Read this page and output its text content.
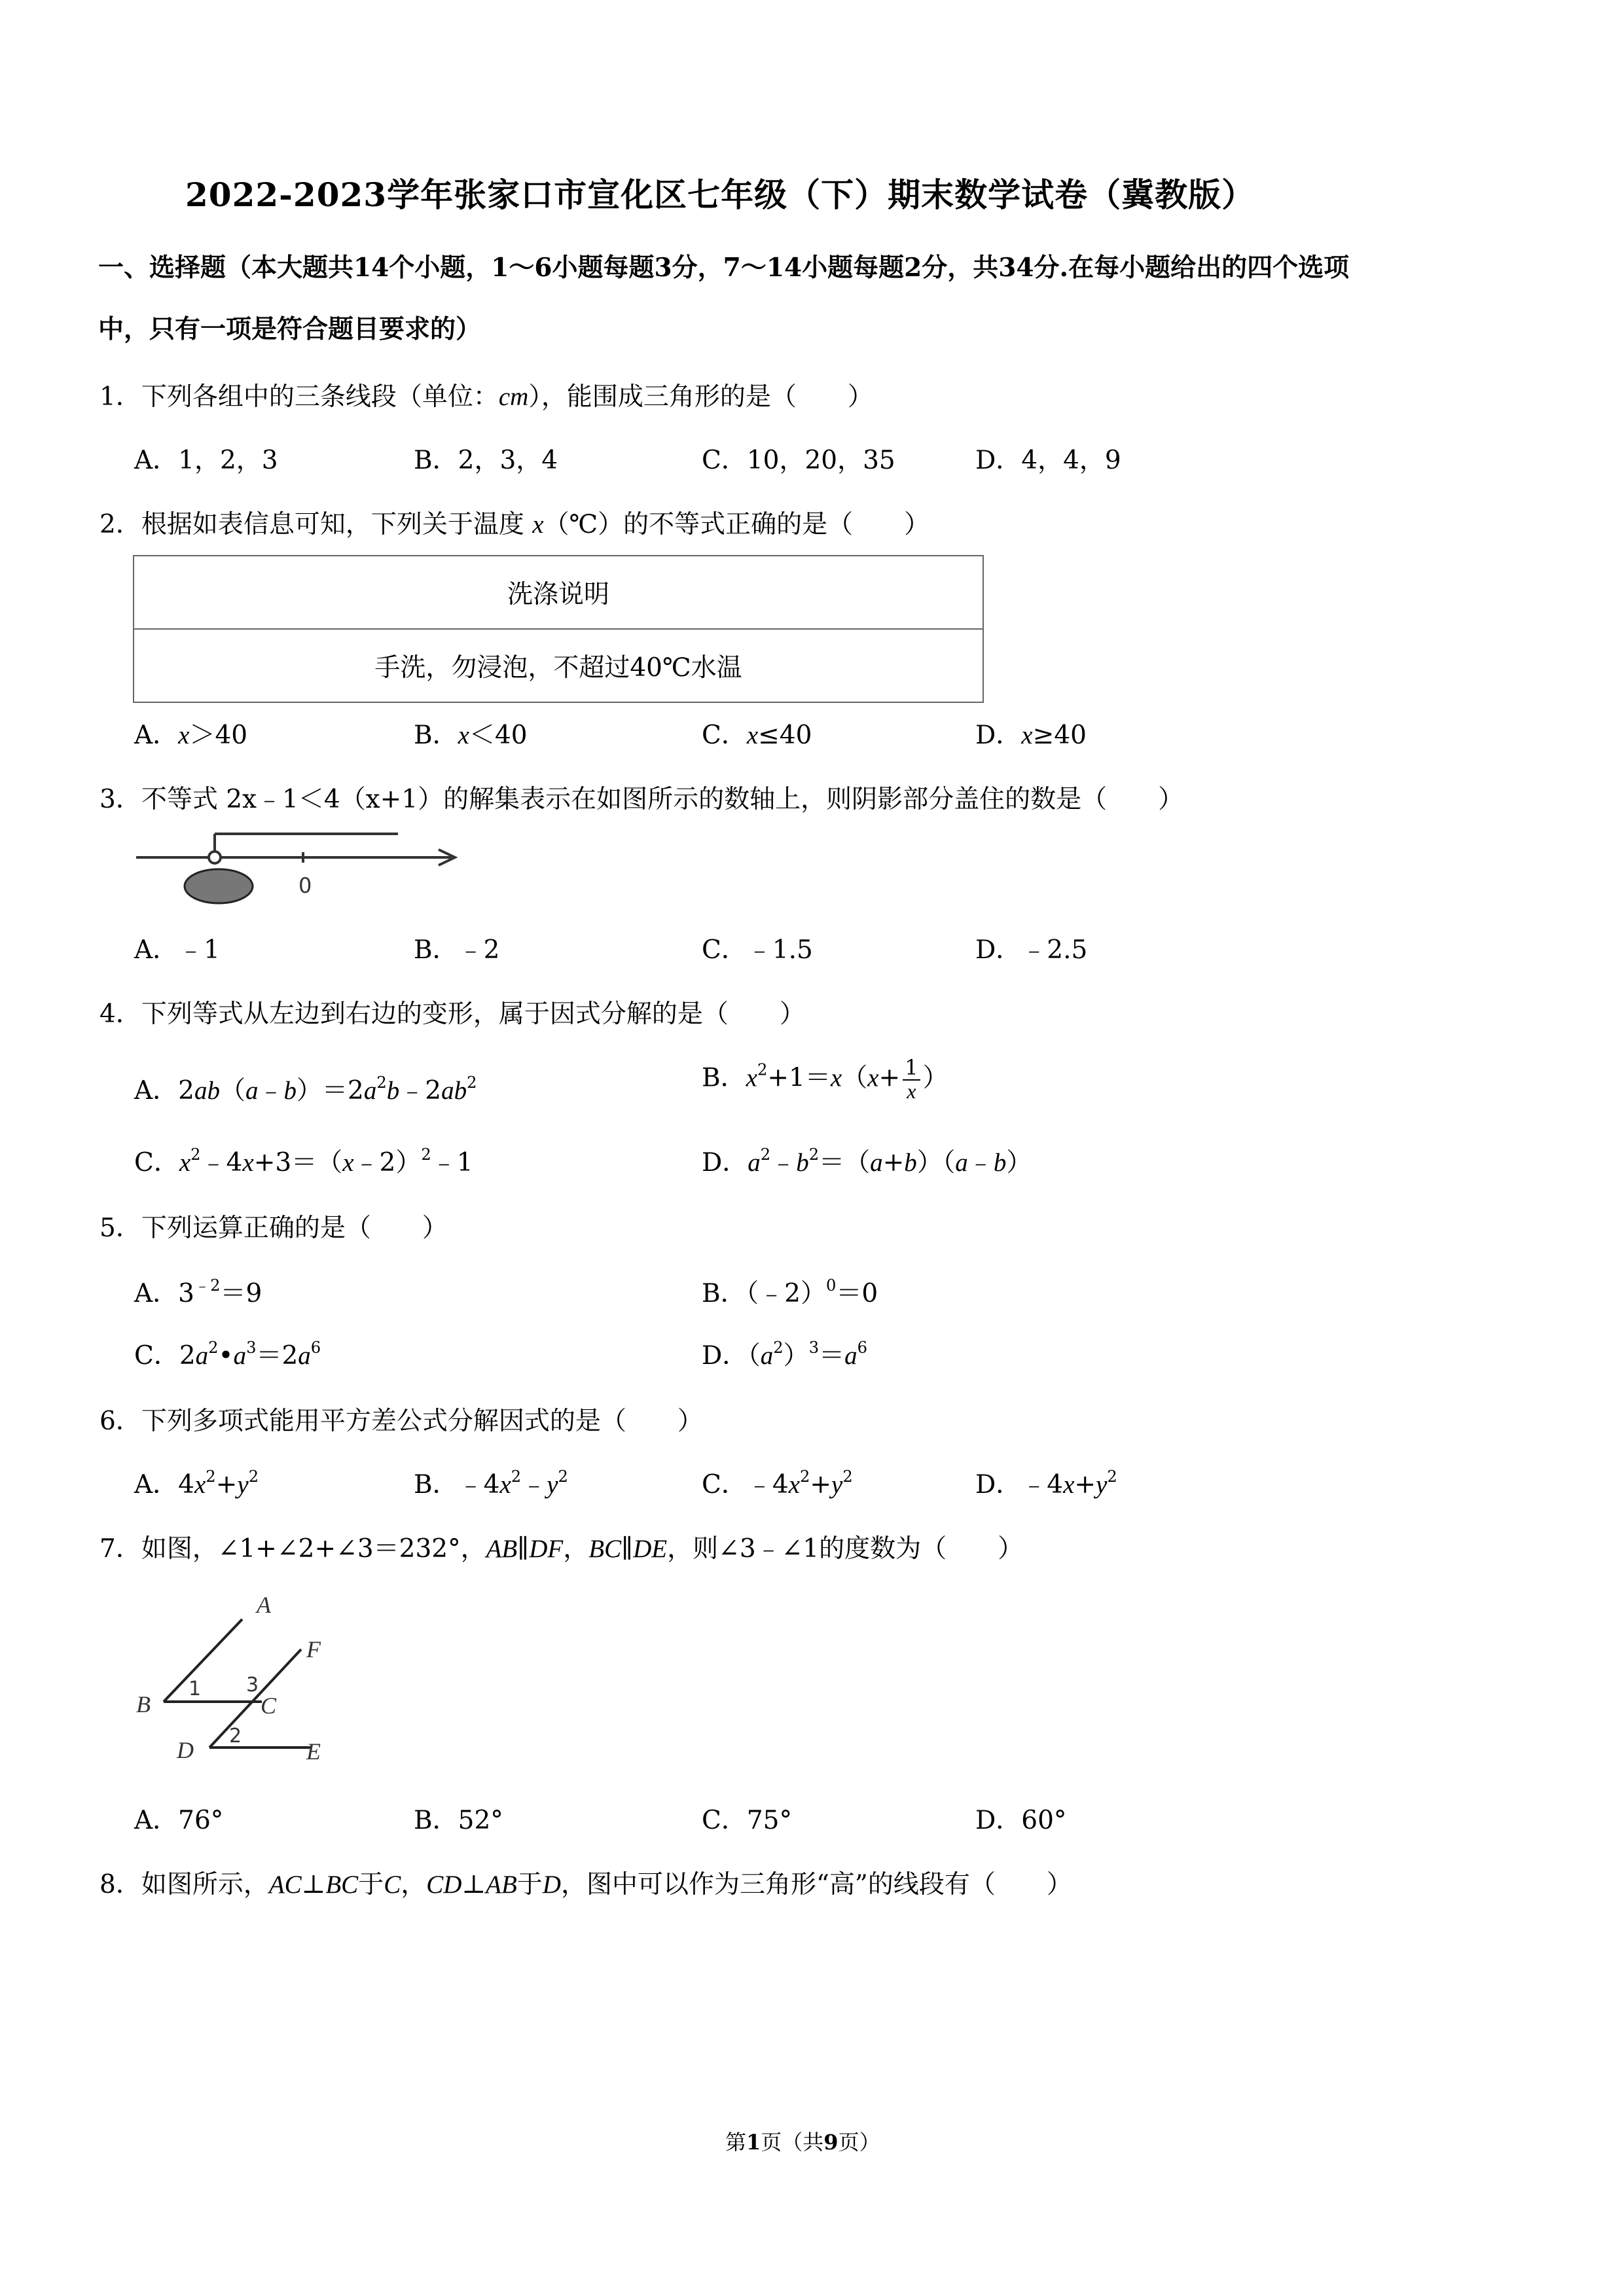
2022-2023学年张家口市宣化区七年级（下）期末数学试卷（冀教版）
一、选择题（本大题共14个小题，1～6小题每题3分，7～14小题每题2分，共34分.在每小题给出的四个选项
中，只有一项是符合题目要求的）
1．下列各组中的三条线段（单位：cm），能围成三角形的是（　　）
A．1，2，3	B．2，3，4	C．10，20，35	D．4，4，9
2．根据如表信息可知，下列关于温度 x（℃）的不等式正确的是（　　）
洗涤说明
手洗，勿浸泡，不超过40℃水温
A．x＞40	B．x＜40	C．x≤40	D．x≥40
3．不等式 2x﹣1＜4（x+1）的解集表示在如图所示的数轴上，则阴影部分盖住的数是（　　）
0
A．﹣1	B．﹣2	C．﹣1.5	D．﹣2.5
4．下列等式从左边到右边的变形，属于因式分解的是（　　）
A．$2ab(a﹣b)=2a^2b﹣2ab^2$	B．$x^2+1=x(x+ \frac{1}{x}$ ）
C．$x^2﹣4x+3=(x﹣2)^2﹣1$	D．$a^2﹣b^2=(a+b)(a﹣b)$
5．下列运算正确的是（　　）
A．$3^{﹣2}=9$	B．（﹣2）$^0$＝0
C．$2a^2•a^3=2a^6$	D．$(a^2)^3=a^6$
6．下列多项式能用平方差公式分解因式的是（　　）
A．$4x^2+y^2$	B．$﹣4x^2﹣y^2$	C．$﹣4x^2+y^2$	D．$﹣4x+y^2$
7．如图，∠1+∠2+∠3＝232°，AB∥DF，BC∥DE，则∠3﹣∠1的度数为（　　）
A
B	C
D
F
E
1 3
2
A．76°	B．52°	C．75°	D．60°
8．如图所示，AC⊥BC于C，CD⊥AB于D，图中可以作为三角形“高”的线段有（　　）
第1页（共9页）
